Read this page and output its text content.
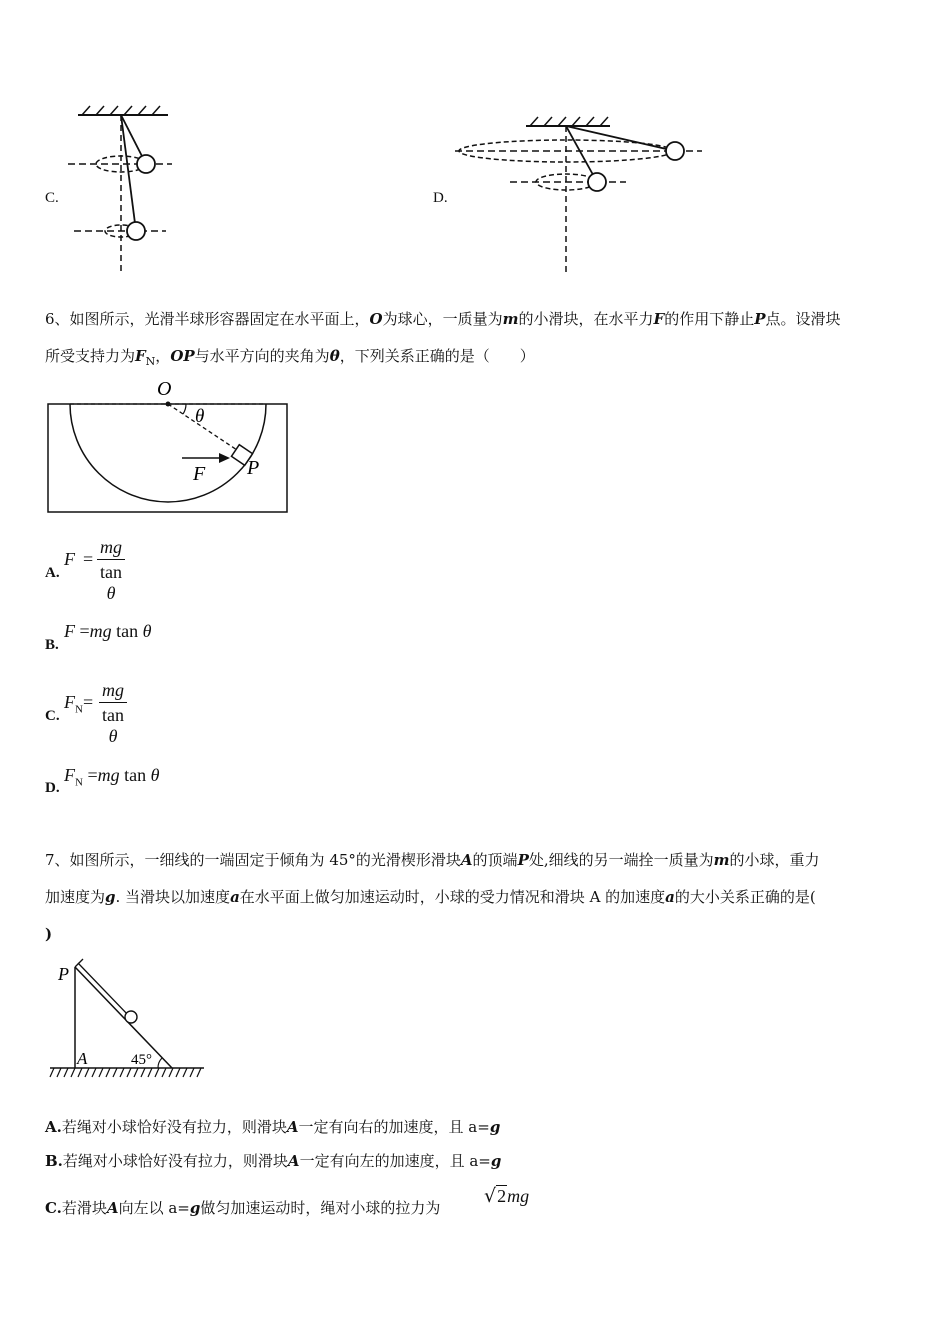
C.	D.
6、如图所示，光滑半球形容器固定在水平面上，O为球心，一质量为m的小滑块，在水平力F的作用下静止P点。设滑块
所受支持力为$F_N$，OP与水平方向的夹角为θ，下列关系正确的是（　　）
O
θ
F P
A.
$F = \frac{mg}{\text{tan θ}}$
B.
F =mg tan θ
C.
$F_N= \frac{mg}{\text{tan θ}}$
D.
$F_N =mg$ tan θ
7、如图所示，一细线的一端固定于倾角为 45°的光滑楔形滑块A的顶端P处,细线的另一端拴一质量为m的小球，重力
加速度为g. 当滑块以加速度a在水平面上做匀加速运动时，小球的受力情况和滑块 A 的加速度a的大小关系正确的是(
)
P
A	45°
A.若绳对小球恰好没有拉力，则滑块A一定有向右的加速度，且 a=g
B.若绳对小球恰好没有拉力，则滑块A一定有向左的加速度，且 a=g
C.若滑块A向左以 a=g做匀加速运动时，绳对小球的拉力为
√2mg
